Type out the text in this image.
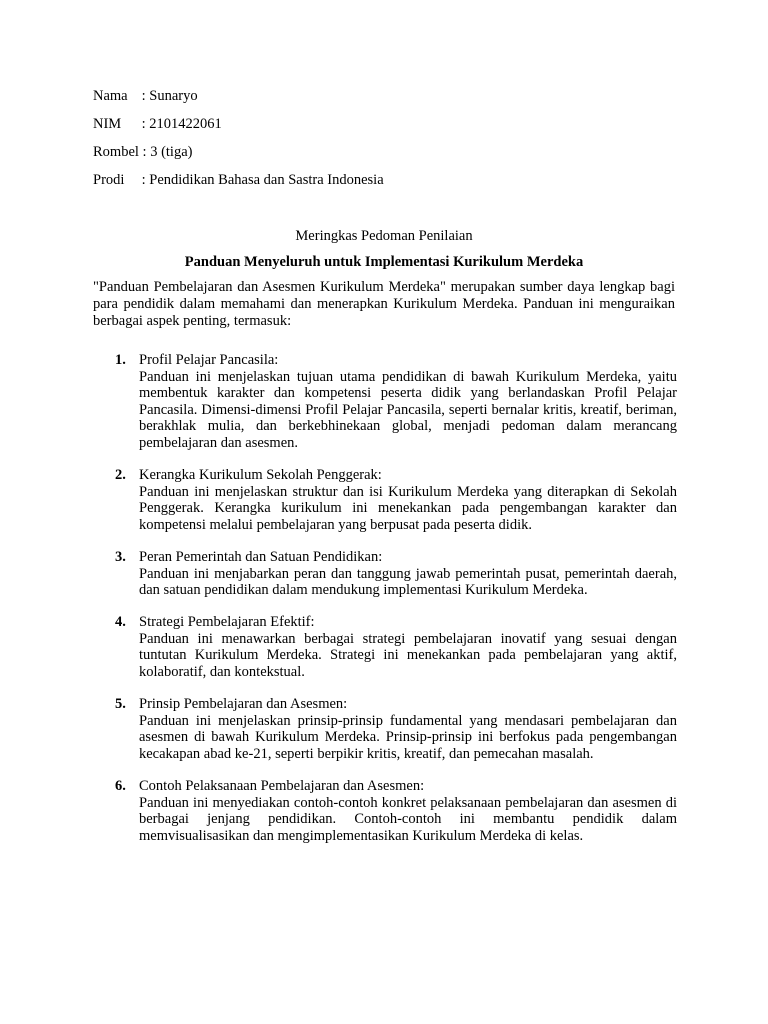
Nama : Sunaryo
NIM : 2101422061
Rombel : 3 (tiga)
Prodi : Pendidikan Bahasa dan Sastra Indonesia
Meringkas Pedoman Penilaian
Panduan Menyeluruh untuk Implementasi Kurikulum Merdeka

"Panduan Pembelajaran dan Asesmen Kurikulum Merdeka" merupakan sumber daya lengkap bagi para pendidik dalam memahami dan menerapkan Kurikulum Merdeka. Panduan ini menguraikan berbagai aspek penting, termasuk:

1. Profil Pelajar Pancasila:
Panduan ini menjelaskan tujuan utama pendidikan di bawah Kurikulum Merdeka, yaitu membentuk karakter dan kompetensi peserta didik yang berlandaskan Profil Pelajar Pancasila. Dimensi-dimensi Profil Pelajar Pancasila, seperti bernalar kritis, kreatif, beriman, berakhlak mulia, dan berkebhinekaan global, menjadi pedoman dalam merancang pembelajaran dan asesmen.
2. Kerangka Kurikulum Sekolah Penggerak:
Panduan ini menjelaskan struktur dan isi Kurikulum Merdeka yang diterapkan di Sekolah Penggerak. Kerangka kurikulum ini menekankan pada pengembangan karakter dan kompetensi melalui pembelajaran yang berpusat pada peserta didik.
3. Peran Pemerintah dan Satuan Pendidikan:
Panduan ini menjabarkan peran dan tanggung jawab pemerintah pusat, pemerintah daerah, dan satuan pendidikan dalam mendukung implementasi Kurikulum Merdeka.
4. Strategi Pembelajaran Efektif:
Panduan ini menawarkan berbagai strategi pembelajaran inovatif yang sesuai dengan tuntutan Kurikulum Merdeka. Strategi ini menekankan pada pembelajaran yang aktif, kolaboratif, dan kontekstual.
5. Prinsip Pembelajaran dan Asesmen:
Panduan ini menjelaskan prinsip-prinsip fundamental yang mendasari pembelajaran dan asesmen di bawah Kurikulum Merdeka. Prinsip-prinsip ini berfokus pada pengembangan kecakapan abad ke-21, seperti berpikir kritis, kreatif, dan pemecahan masalah.
6. Contoh Pelaksanaan Pembelajaran dan Asesmen:
Panduan ini menyediakan contoh-contoh konkret pelaksanaan pembelajaran dan asesmen di berbagai jenjang pendidikan. Contoh-contoh ini membantu pendidik dalam memvisualisasikan dan mengimplementasikan Kurikulum Merdeka di kelas.
